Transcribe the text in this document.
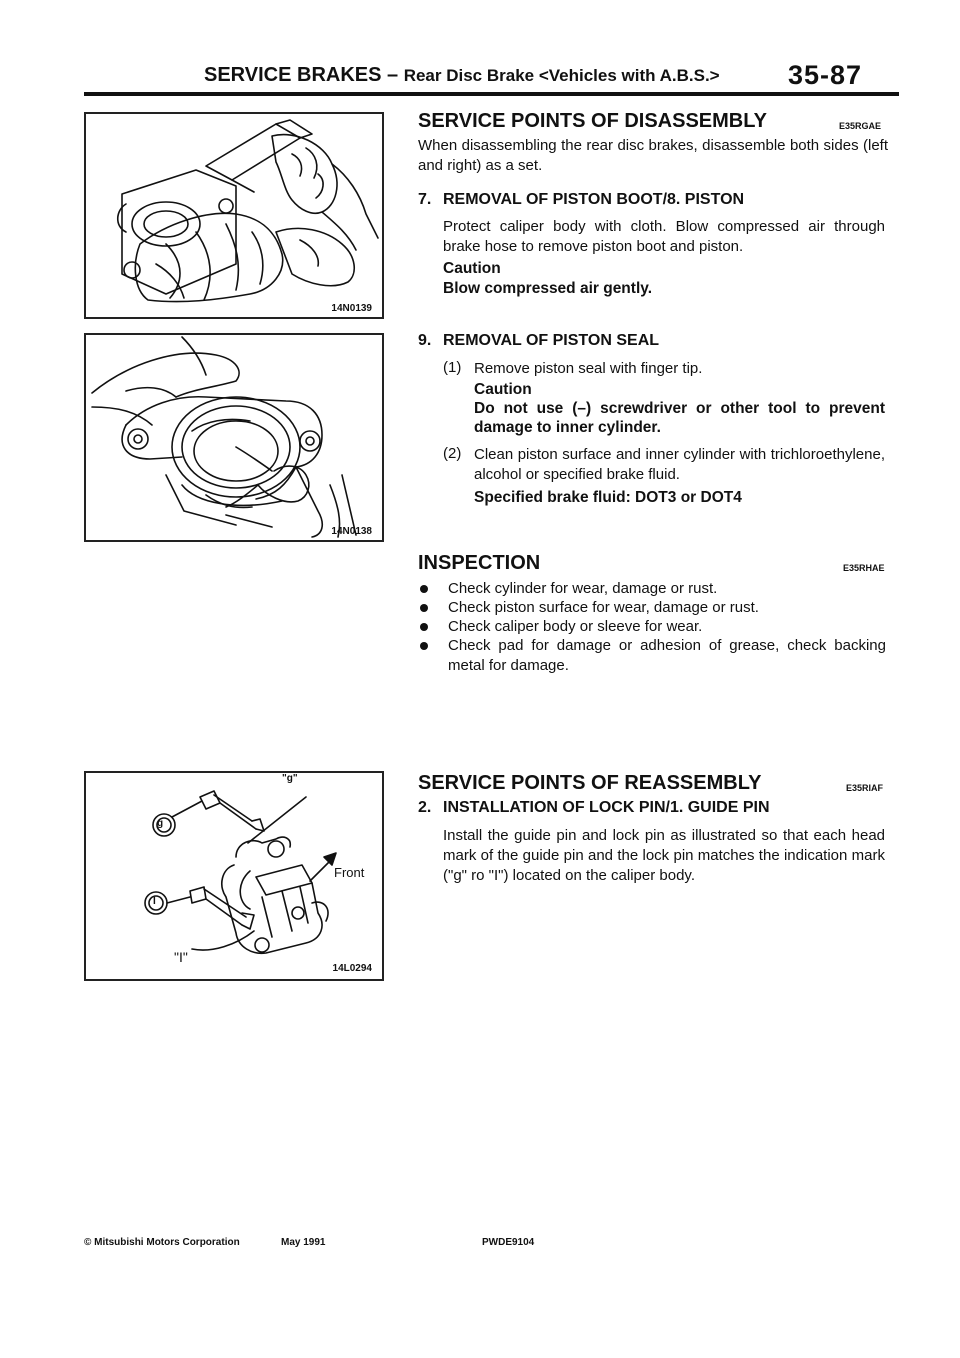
SERVICE BRAKES – Rear Disc Brake <Vehicles with A.B.S.>	35-87
14N0139
14N0138
"g"
g
I
Front
"I"
14L0294
SERVICE POINTS OF DISASSEMBLY	E35RGAE
When disassembling the rear disc brakes, disassemble both sides (left and right) as a set.
7. REMOVAL OF PISTON BOOT/8. PISTON
Protect caliper body with cloth. Blow compressed air through brake hose to remove piston boot and piston.
Caution
Blow compressed air gently.
9. REMOVAL OF PISTON SEAL
(1) Remove piston seal with finger tip.
Caution
Do not use (–) screwdriver or other tool to prevent damage to inner cylinder.
(2) Clean piston surface and inner cylinder with trichloroethylene, alcohol or specified brake fluid.
Specified brake fluid: DOT3 or DOT4
INSPECTION	E35RHAE
Check cylinder for wear, damage or rust.
Check piston surface for wear, damage or rust.
Check caliper body or sleeve for wear.
Check pad for damage or adhesion of grease, check backing metal for damage.
SERVICE POINTS OF REASSEMBLY	E35RIAF
2. INSTALLATION OF LOCK PIN/1. GUIDE PIN
Install the guide pin and lock pin as illustrated so that each head mark of the guide pin and the lock pin matches the indication mark ("g" ro "I") located on the caliper body.
© Mitsubishi Motors Corporation	May 1991	PWDE9104
